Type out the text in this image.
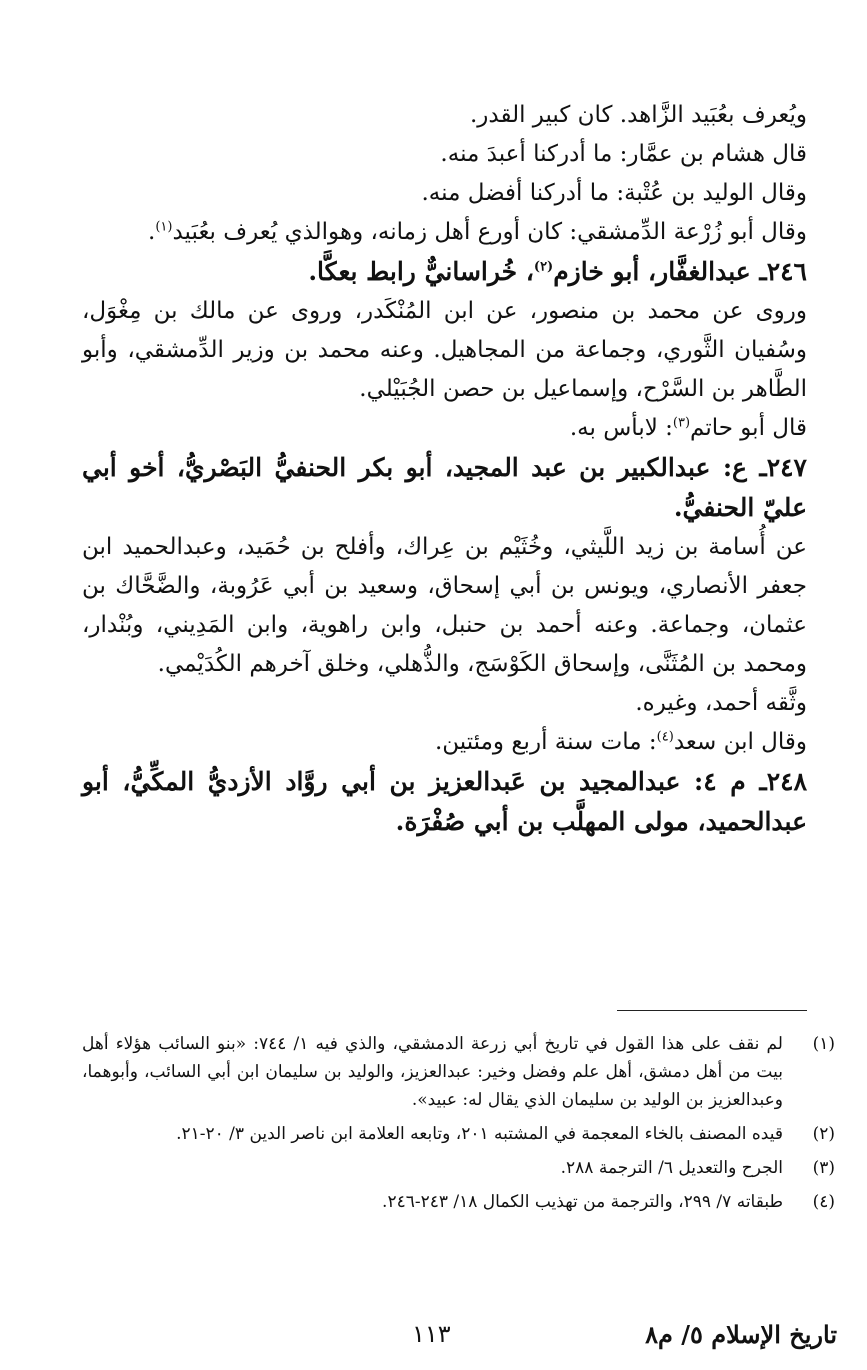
ويُعرف بعُبَيد الزَّاهد. كان كبير القدر.

قال هشام بن عمَّار: ما أدركنا أعبدَ منه.

وقال الوليد بن عُتْبة: ما أدركنا أفضل منه.

وقال أبو زُرْعة الدِّمشقي: كان أورع أهل زمانه، وهوالذي يُعرف بعُبَيد$^{(١)}$.

٢٤٦ـ عبدالغفَّار، أبو خازم$^{(٢)}$، خُراسانيٌّ رابط بعكَّا.

وروى عن محمد بن منصور، عن ابن المُنْكَدر، وروى عن مالك بن مِغْوَل، وسُفيان الثَّوري، وجماعة من المجاهيل. وعنه محمد بن وزير الدِّمشقي، وأبو الطَّاهر بن السَّرْح، وإسماعيل بن حصن الجُبَيْلي.

قال أبو حاتم$^{(٣)}$: لابأس به.

٢٤٧ـ ع: عبدالكبير بن عبد المجيد، أبو بكر الحنفيُّ البَصْريُّ، أخو أبي عليّ الحنفيُّ.

عن أُسامة بن زيد اللَّيثي، وخُثَيْم بن عِراك، وأفلح بن حُمَيد، وعبدالحميد ابن جعفر الأنصاري، ويونس بن أبي إسحاق، وسعيد بن أبي عَرُوبة، والضَّحَّاك بن عثمان، وجماعة. وعنه أحمد بن حنبل، وابن راهوية، وابن المَدِيني، وبُنْدار، ومحمد بن المُثَنَّى، وإسحاق الكَوْسَج، والذُّهلي، وخلق آخرهم الكُدَيْمي.

وثَّقه أحمد، وغيره.

وقال ابن سعد$^{(٤)}$: مات سنة أربع ومئتين.

٢٤٨ـ م ٤: عبدالمجيد بن عَبدالعزيز بن أبي روَّاد الأزديُّ المكِّيُّ، أبو عبدالحميد، مولى المهلَّب بن أبي صُفْرَة.

(١)
لم نقف على هذا القول في تاريخ أبي زرعة الدمشقي، والذي فيه ١/ ٧٤٤: «بنو السائب هؤلاء أهل بيت من أهل دمشق، أهل علم وفضل وخير: عبدالعزيز، والوليد بن سليمان ابن أبي السائب، وأبوهما، وعبدالعزيز بن الوليد بن سليمان الذي يقال له: عبيد».
(٢)
قيده المصنف بالخاء المعجمة في المشتبه ٢٠١، وتابعه العلامة ابن ناصر الدين ٣/ ٢٠-٢١.
(٣)
الجرح والتعديل ٦/ الترجمة ٢٨٨.
(٤)
طبقاته ٧/ ٢٩٩، والترجمة من تهذيب الكمال ١٨/ ٢٤٣-٢٤٦.
تاريخ الإسلام ٥/ م٨
١١٣
